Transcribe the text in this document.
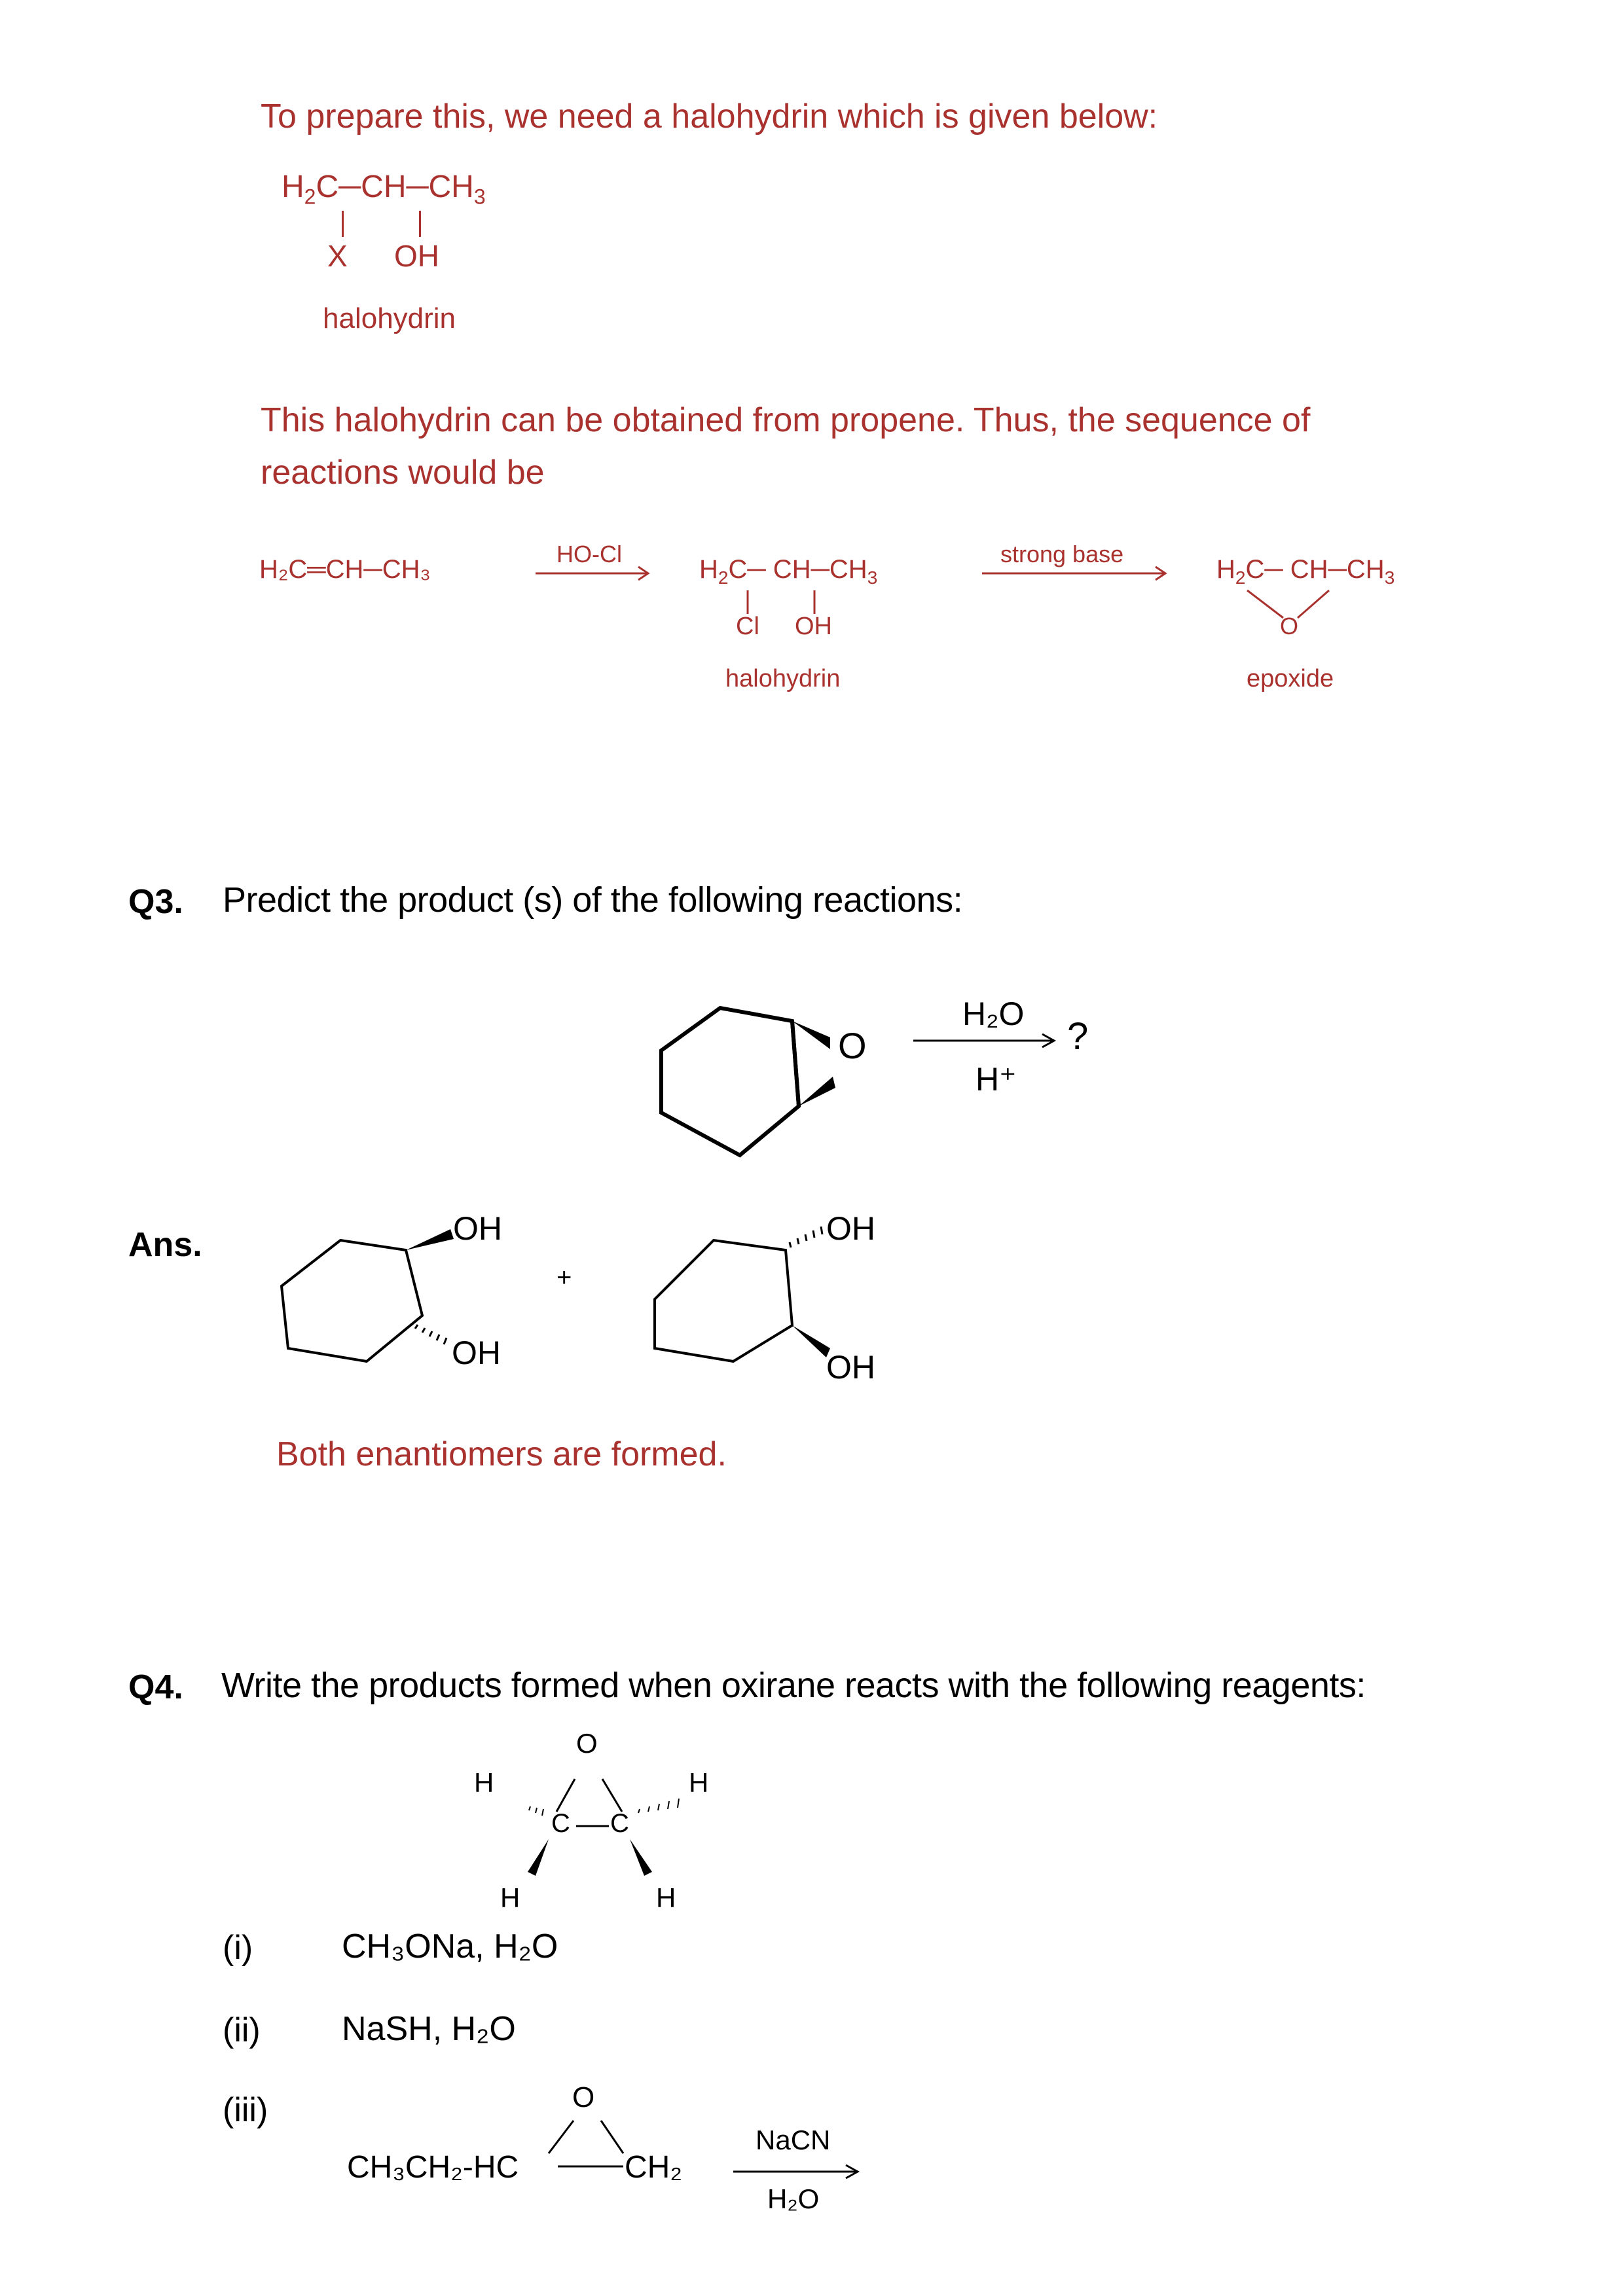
To prepare this, we need a halohydrin which is given below:
$H_2C─CH─CH_3$
X OH
halohydrin
This halohydrin can be obtained from propene. Thus, the sequence of
reactions would be
H₂C═CH─CH₃
HO-Cl
$H_2C─$ $CH─CH_3$
Cl OH
halohydrin
strong base
$H_2C─$ $CH─CH_3$
O
epoxide
Q3. Predict the product (s) of the following reactions:
O
H₂O
H⁺
?
Ans.	OH
OH
+
OH
OH
Both enantiomers are formed.
Q4. Write the products formed when oxirane reacts with the following reagents:
O
H
C C
H
H	H
(i)	CH₃ONa, H₂O
(ii) NaSH, H₂O
(iii)	O
CH₃CH₂-HC	CH₂
NaCN
H₂O
